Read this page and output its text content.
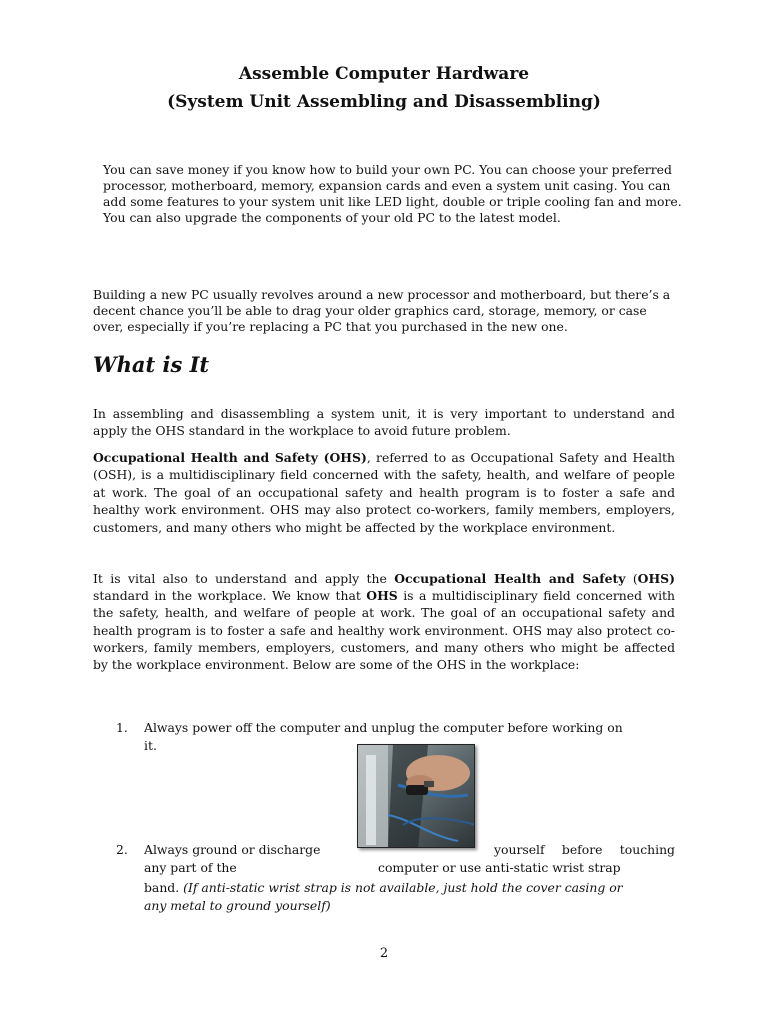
Assemble Computer Hardware
(System Unit Assembling and Disassembling)

You can save money if you know how to build your own PC. You can choose your preferred processor, motherboard, memory, expansion cards and even a system unit casing. You can add some features to your system unit like LED light, double or triple cooling fan and more. You can also upgrade the components of your old PC to the latest model.

Building a new PC usually revolves around a new processor and motherboard, but there’s a decent chance you’ll be able to drag your older graphics card, storage, memory, or case over, especially if you’re replacing a PC that you purchased in the new one.

What is It

In assembling and disassembling a system unit, it is very important to understand and apply the OHS standard in the workplace to avoid future problem.

Occupational Health and Safety (OHS), referred to as Occupational Safety and Health (OSH), is a multidisciplinary field concerned with the safety, health, and welfare of people at work. The goal of an occupational safety and health program is to foster a safe and healthy work environment. OHS may also protect co-workers, family members, employers, customers, and many others who might be affected by the workplace environment.

It is vital also to understand and apply the Occupational Health and Safety (OHS) standard in the workplace. We know that OHS is a multidisciplinary field concerned with the safety, health, and welfare of people at work. The goal of an occupational safety and health program is to foster a safe and healthy work environment. OHS may also protect co-workers, family members, employers, customers, and many others who might be affected by the workplace environment. Below are some of the OHS in the workplace:

1. Always power off the computer and unplug the computer before working on
it.
2. Always ground or discharge	yourself before touching
any part of the	computer or use anti-static wrist strap
band. (If anti-static wrist strap is not available, just hold the cover casing or
any metal to ground yourself)
2
